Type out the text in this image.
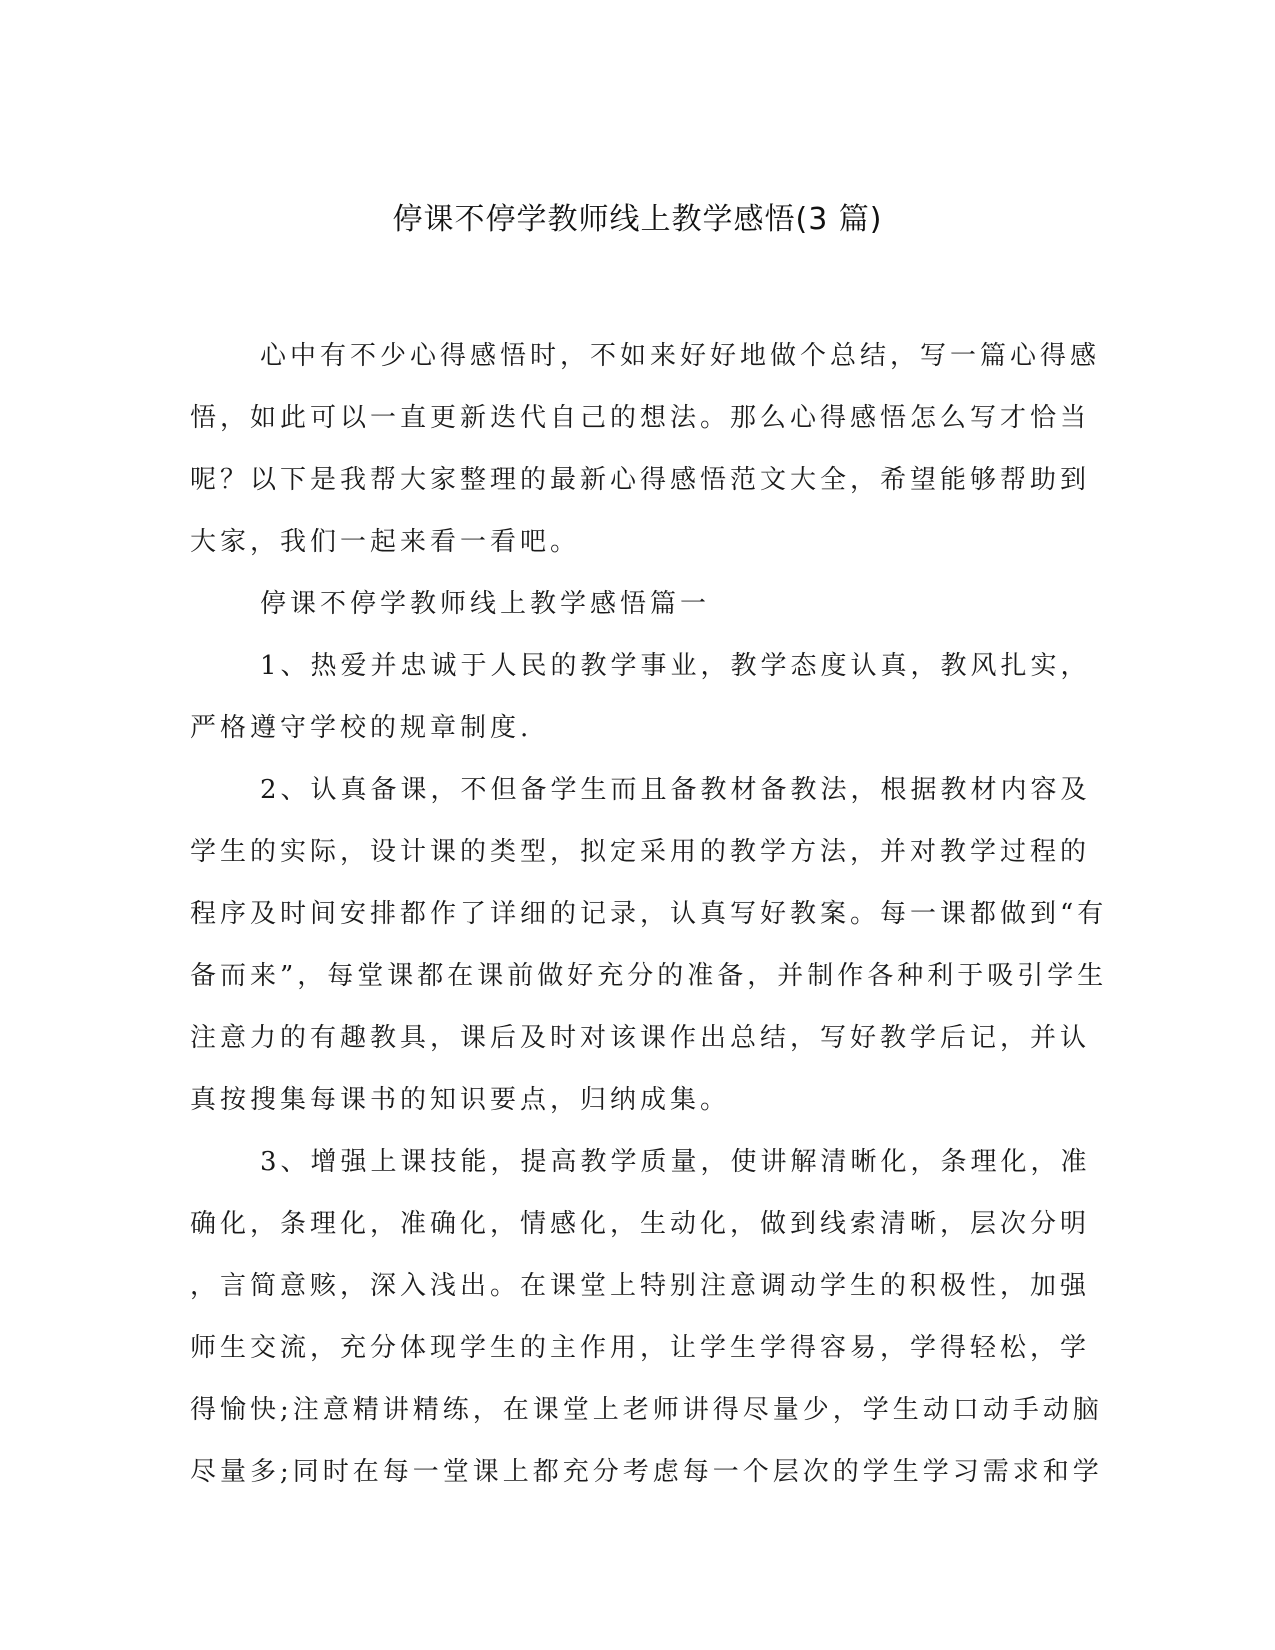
停课不停学教师线上教学感悟(3 篇)
心中有不少心得感悟时，不如来好好地做个总结，写一篇心得感
悟，如此可以一直更新迭代自己的想法。那么心得感悟怎么写才恰当
呢？以下是我帮大家整理的最新心得感悟范文大全，希望能够帮助到
大家，我们一起来看一看吧。
停课不停学教师线上教学感悟篇一
1、热爱并忠诚于人民的教学事业，教学态度认真，教风扎实，
严格遵守学校的规章制度.
2、认真备课，不但备学生而且备教材备教法，根据教材内容及
学生的实际，设计课的类型，拟定采用的教学方法，并对教学过程的
程序及时间安排都作了详细的记录，认真写好教案。每一课都做到“有
备而来”，每堂课都在课前做好充分的准备，并制作各种利于吸引学生
注意力的有趣教具，课后及时对该课作出总结，写好教学后记，并认
真按搜集每课书的知识要点，归纳成集。
3、增强上课技能，提高教学质量，使讲解清晰化，条理化，准
确化，条理化，准确化，情感化，生动化，做到线索清晰，层次分明
，言简意赅，深入浅出。在课堂上特别注意调动学生的积极性，加强
师生交流，充分体现学生的主作用，让学生学得容易，学得轻松，学
得愉快;注意精讲精练，在课堂上老师讲得尽量少，学生动口动手动脑
尽量多;同时在每一堂课上都充分考虑每一个层次的学生学习需求和学
